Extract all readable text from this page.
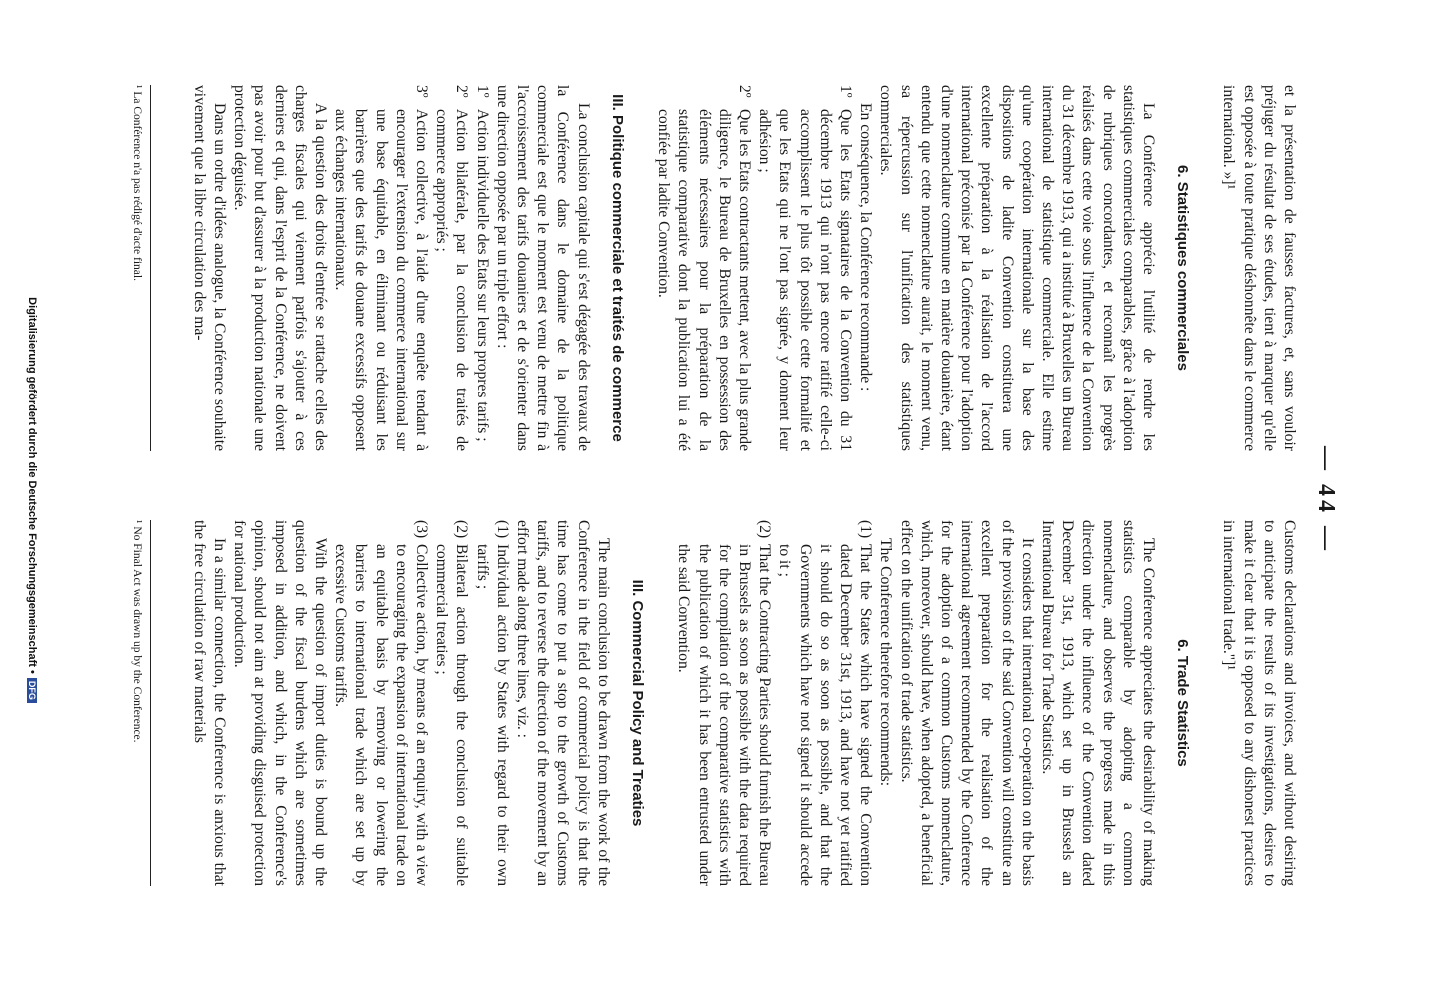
— 44 —

et la présentation de fausses factures, et, sans vouloir préjuger du résultat de ses études, tient à marquer qu'elle est opposée à toute pratique déshonnête dans le commerce international. »]¹

6. Statistiques commerciales

La Conférence apprécie l'utilité de rendre les statistiques commerciales comparables, grâce à l'adoption de rubriques concordantes, et reconnaît les progrès réalisés dans cette voie sous l'influence de la Convention du 31 décembre 1913, qui a institué à Bruxelles un Bureau international de statistique commerciale. Elle estime qu'une coopération internationale sur la base des dispositions de ladite Convention constituera une excellente préparation à la réalisation de l'accord international préconisé par la Conférence pour l'adoption d'une nomenclature commune en matière douanière, étant entendu que cette nomenclature aurait, le moment venu, sa répercussion sur l'unification des statistiques commerciales.

En conséquence, la Conférence recommande :

1º
Que les Etats signataires de la Convention du 31 décembre 1913 qui n'ont pas encore ratifié celle-ci accomplissent le plus tôt possible cette formalité et que les Etats qui ne l'ont pas signée, y donnent leur adhésion ;
2º
Que les Etats contractants mettent, avec la plus grande diligence, le Bureau de Bruxelles en possession des éléments nécessaires pour la préparation de la statistique comparative dont la publication lui a été confiée par ladite Convention.
III. Politique commerciale et traités de commerce

La conclusion capitale qui s'est dégagée des travaux de la Conférence dans le domaine de la politique commerciale est que le moment est venu de mettre fin à l'accroissement des tarifs douaniers et de s'orienter dans une direction opposée par un triple effort :

1º
Action individuelle des Etats sur leurs propres tarifs ;
2º
Action bilatérale, par la conclusion de traités de commerce appropriés ;
3º
Action collective, à l'aide d'une enquête tendant à encourager l'extension du commerce international sur une base équitable, en éliminant ou réduisant les barrières que des tarifs de douane excessifs opposent aux échanges internationaux.

A la question des droits d'entrée se rattache celles des charges fiscales qui viennent parfois s'ajouter à ces derniers et qui, dans l'esprit de la Conférence, ne doivent pas avoir pour but d'assurer à la production nationale une protection déguisée.

Dans un ordre d'idées analogue, la Conférence souhaite vivement que la libre circulation des ma-

Customs declarations and invoices, and without desiring to anticipate the results of its investigations, desires to make it clear that it is opposed to any dishonest practices in international trade."]¹

6. Trade Statistics

The Conference appreciates the desirability of making statistics comparable by adopting a common nomenclature, and observes the progress made in this direction under the influence of the Convention dated December 31st, 1913, which set up in Brussels an International Bureau for Trade Statistics.

It considers that international co-operation on the basis of the provisions of the said Convention will constitute an excellent preparation for the realisation of the international agreement recommended by the Conference for the adoption of a common Customs nomenclature, which, moreover, should have, when adopted, a beneficial effect on the unification of trade statistics.

The Conference therefore recommends:

(1)
That the States which have signed the Convention dated December 31st, 1913, and have not yet ratified it should do so as soon as possible, and that the Governments which have not signed it should accede to it ;
(2)
That the Contracting Parties should furnish the Bureau in Brussels as soon as possible with the data required for the compilation of the comparative statistics with the publication of which it has been entrusted under the said Convention.
III. Commercial Policy and Treaties

The main conclusion to be drawn from the work of the Conference in the field of commercial policy is that the time has come to put a stop to the growth of Customs tariffs, and to reverse the direction of the movement by an effort made along three lines, viz. :

(1)
Individual action by States with regard to their own tariffs ;
(2)
Bilateral action through the conclusion of suitable commercial treaties ;
(3)
Collective action, by means of an enquiry, with a view to encouraging the expansion of international trade on an equitable basis by removing or lowering the barriers to international trade which are set up by excessive Customs tariffs.

With the question of import duties is bound up the question of the fiscal burdens which are sometimes imposed in addition, and which, in the Conference's opinion, should not aim at providing disguised protection for national production.

In a similar connection, the Conference is anxious that the free circulation of raw materials

¹ La Conférence n'a pas rédigé d'acte final.
¹ No Final Act was drawn up by the Conference.
Digitalisierung gefördert durch die Deutsche Forschungsgemeinschaft •DFG
